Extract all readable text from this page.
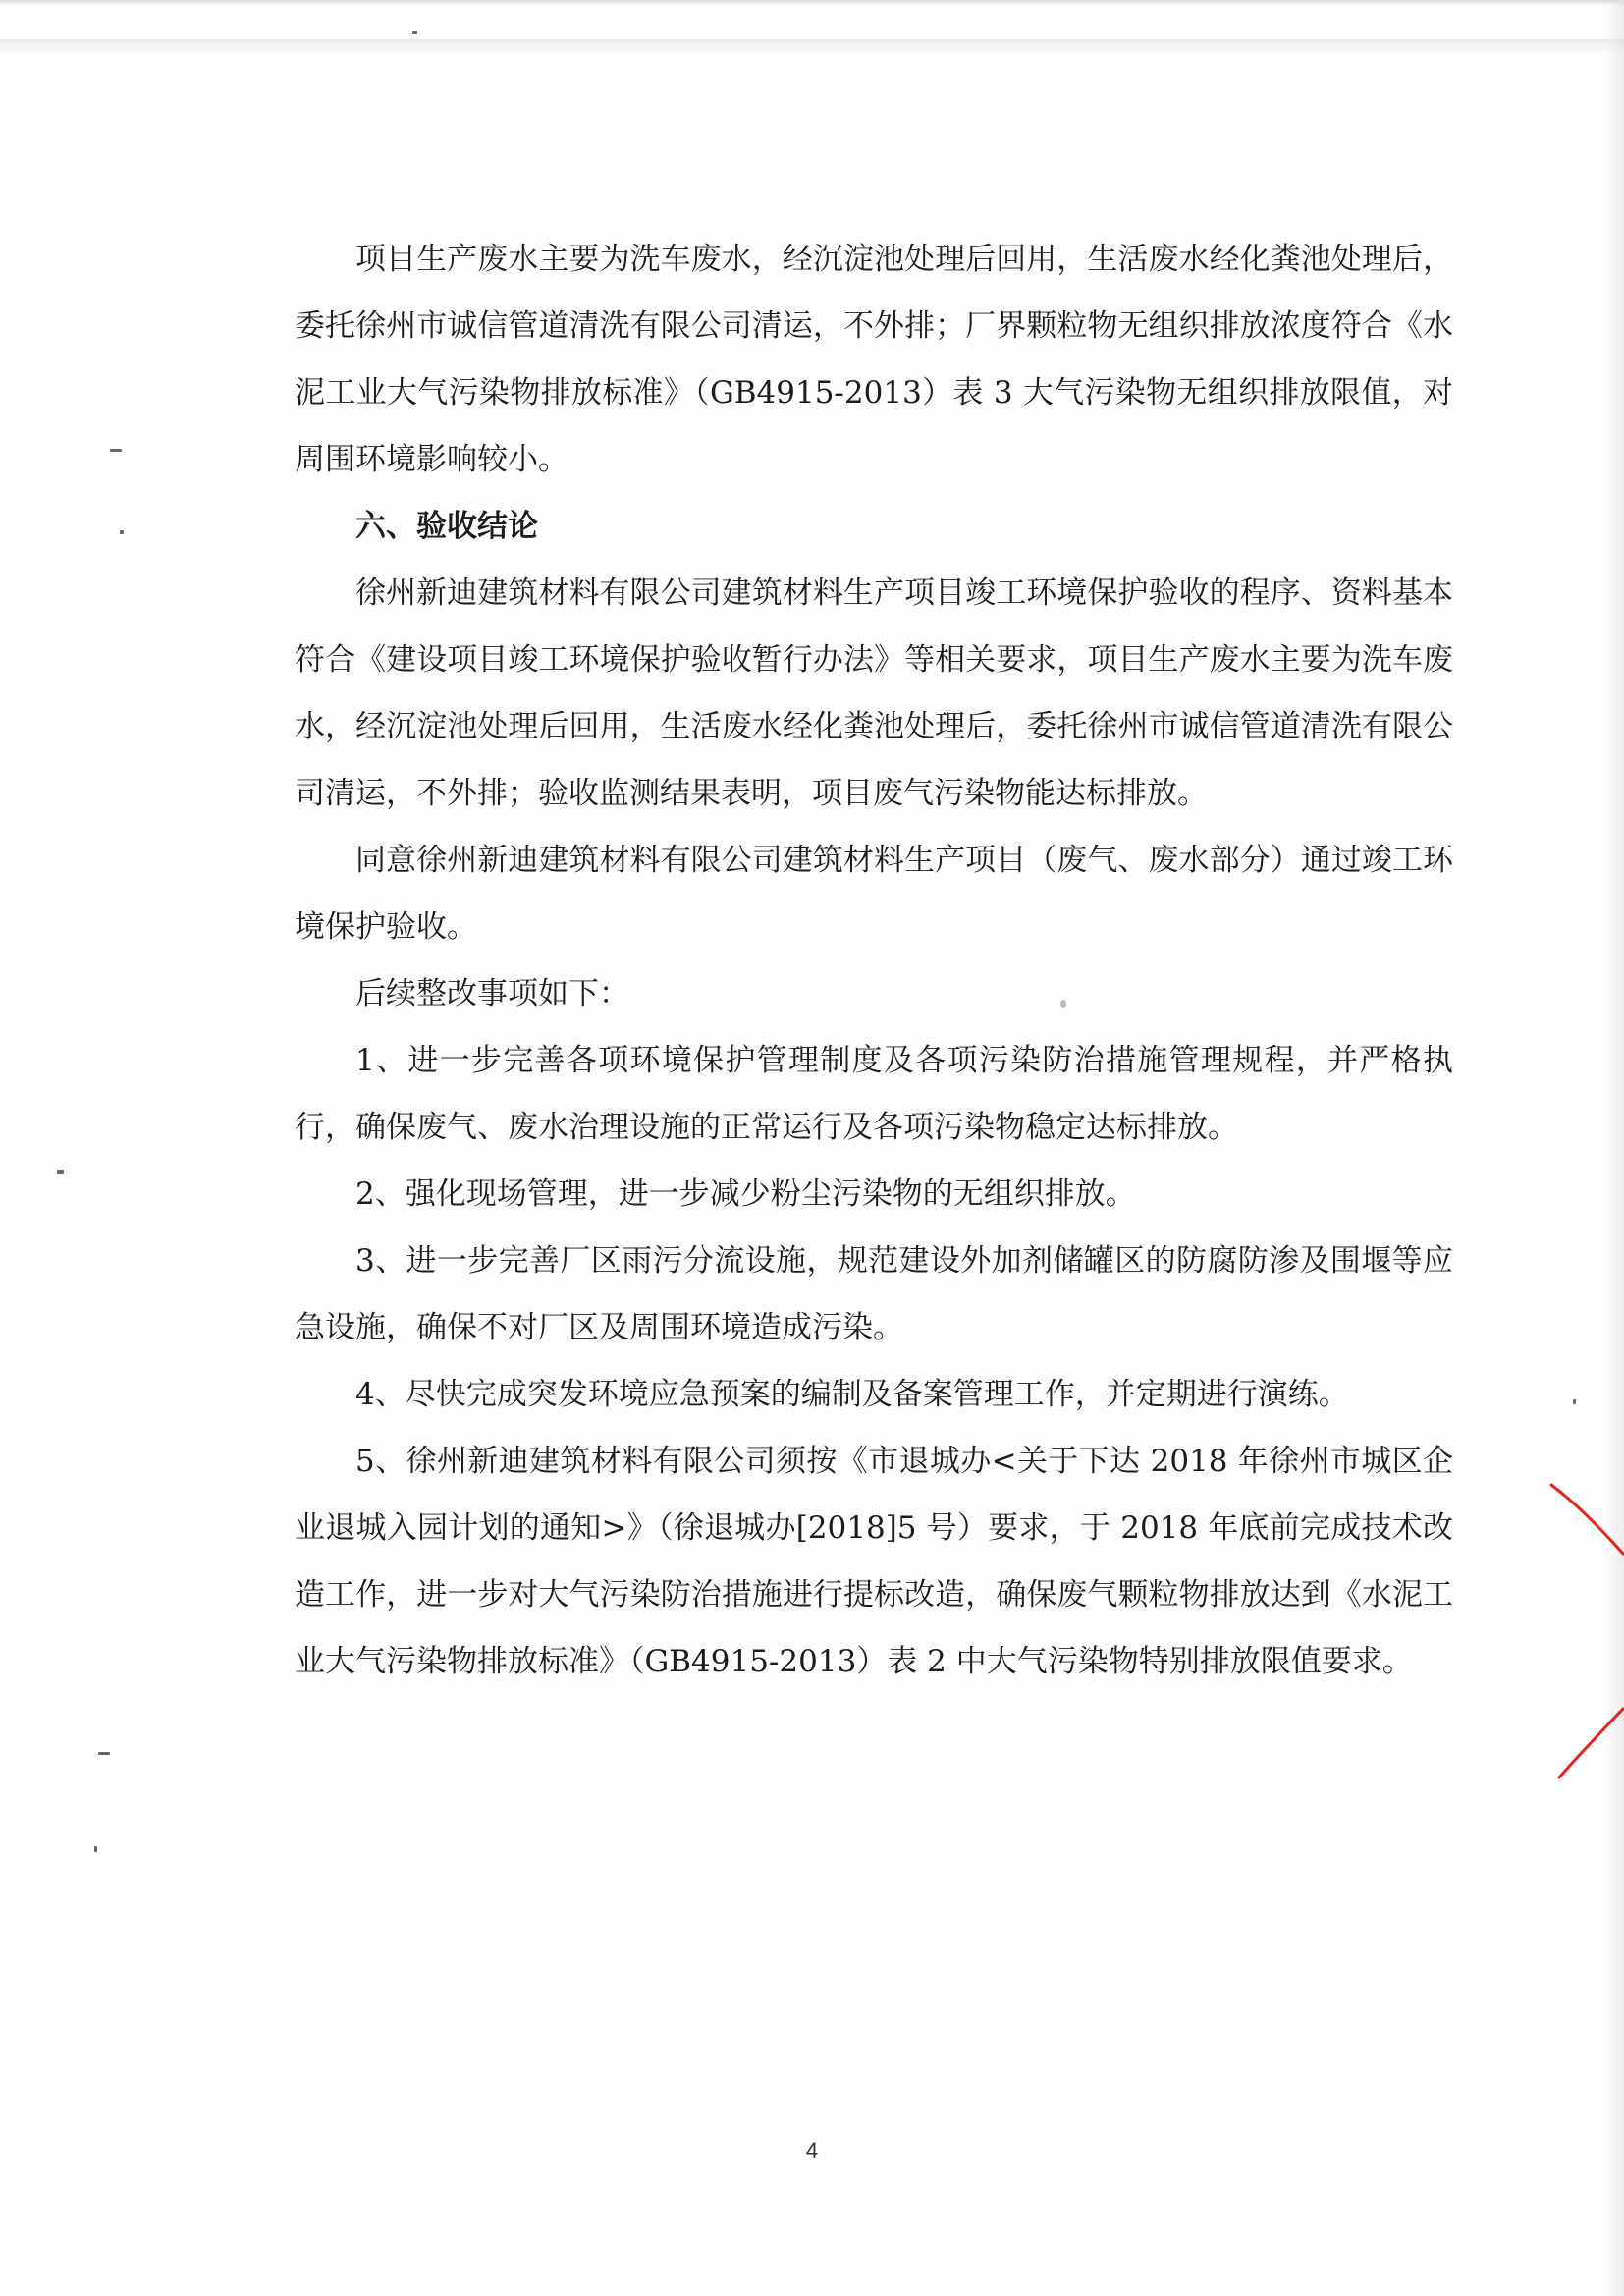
项目生产废水主要为洗车废水，经沉淀池处理后回用，生活废水经化粪池处理后，委托徐州市诚信管道清洗有限公司清运，不外排；厂界颗粒物无组织排放浓度符合《水泥工业大气污染物排放标准》（GB4915-2013）表 3 大气污染物无组织排放限值，对周围环境影响较小。

六、验收结论

徐州新迪建筑材料有限公司建筑材料生产项目竣工环境保护验收的程序、资料基本符合《建设项目竣工环境保护验收暂行办法》等相关要求，项目生产废水主要为洗车废水，经沉淀池处理后回用，生活废水经化粪池处理后，委托徐州市诚信管道清洗有限公司清运，不外排；验收监测结果表明，项目废气污染物能达标排放。

同意徐州新迪建筑材料有限公司建筑材料生产项目（废气、废水部分）通过竣工环境保护验收。

后续整改事项如下：

1、进一步完善各项环境保护管理制度及各项污染防治措施管理规程，并严格执行，确保废气、废水治理设施的正常运行及各项污染物稳定达标排放。

2、强化现场管理，进一步减少粉尘污染物的无组织排放。

3、进一步完善厂区雨污分流设施，规范建设外加剂储罐区的防腐防渗及围堰等应急设施，确保不对厂区及周围环境造成污染。

4、尽快完成突发环境应急预案的编制及备案管理工作，并定期进行演练。

5、徐州新迪建筑材料有限公司须按《市退城办<关于下达 2018 年徐州市城区企业退城入园计划的通知>》（徐退城办[2018]5 号）要求，于 2018 年底前完成技术改造工作，进一步对大气污染防治措施进行提标改造，确保废气颗粒物排放达到《水泥工业大气污染物排放标准》（GB4915-2013）表 2 中大气污染物特别排放限值要求。

4
